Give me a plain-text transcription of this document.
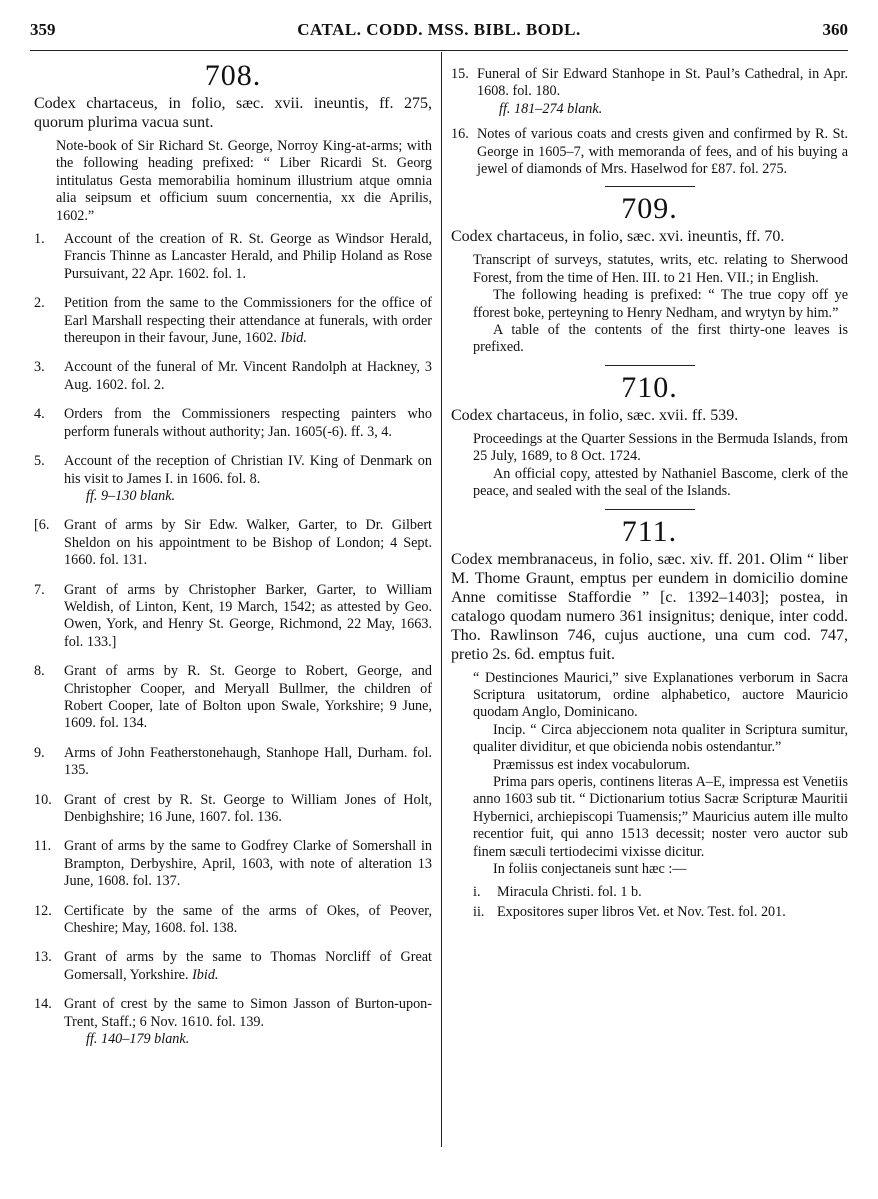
359	CATAL. CODD. MSS. BIBL. BODL.	360
708.
Codex chartaceus, in folio, sæc. xvii. ineuntis, ff. 275, quorum plurima vacua sunt.
Note-book of Sir Richard St. George, Norroy King-at-arms; with the following heading prefixed: “ Liber Ricardi St. Georg intitulatus Gesta memorabilia hominum illustrium atque omnia alia seipsum et officium suum concernentia, xx die Aprilis, 1602.”
1.	Account of the creation of R. St. George as Windsor Herald, Francis Thinne as Lancaster Herald, and Philip Holand as Rose Pursuivant, 22 Apr. 1602. fol. 1.
2.	Petition from the same to the Commissioners for the office of Earl Marshall respecting their attendance at funerals, with order thereupon in their favour, June, 1602. Ibid.
3.	Account of the funeral of Mr. Vincent Randolph at Hackney, 3 Aug. 1602. fol. 2.
4.	Orders from the Commissioners respecting painters who perform funerals without authority; Jan. 1605(-6). ff. 3, 4.
5.	Account of the reception of Christian IV. King of Denmark on his visit to James I. in 1606. fol. 8.
ff. 9–130 blank.
[6.	Grant of arms by Sir Edw. Walker, Garter, to Dr. Gilbert Sheldon on his appointment to be Bishop of London; 4 Sept. 1660. fol. 131.
7.	Grant of arms by Christopher Barker, Garter, to William Weldish, of Linton, Kent, 19 March, 1542; as attested by Geo. Owen, York, and Henry St. George, Richmond, 22 May, 1663. fol. 133.]
8.	Grant of arms by R. St. George to Robert, George, and Christopher Cooper, and Meryall Bullmer, the children of Robert Cooper, late of Bolton upon Swale, Yorkshire; 9 June, 1609. fol. 134.
9.	Arms of John Featherstonehaugh, Stanhope Hall, Durham. fol. 135.
10. Grant of crest by R. St. George to William Jones of Holt, Denbighshire; 16 June, 1607. fol. 136.
11. Grant of arms by the same to Godfrey Clarke of Somershall in Brampton, Derbyshire, April, 1603, with note of alteration 13 June, 1608. fol. 137.
12. Certificate by the same of the arms of Okes, of Peover, Cheshire; May, 1608. fol. 138.
13. Grant of arms by the same to Thomas Norcliff of Great Gomersall, Yorkshire. Ibid.
14. Grant of crest by the same to Simon Jasson of Burton-upon-Trent, Staff.; 6 Nov. 1610. fol. 139.
ff. 140–179 blank.
15. Funeral of Sir Edward Stanhope in St. Paul’s Cathedral, in Apr. 1608. fol. 180.
ff. 181–274 blank.
16. Notes of various coats and crests given and confirmed by R. St. George in 1605–7, with memoranda of fees, and of his buying a jewel of diamonds of Mrs. Haselwod for £87. fol. 275.
709.
Codex chartaceus, in folio, sæc. xvi. ineuntis, ff. 70.

Transcript of surveys, statutes, writs, etc. relating to Sherwood Forest, from the time of Hen. III. to 21 Hen. VII.; in English.

The following heading is prefixed: “ The true copy off ye fforest boke, perteyning to Henry Nedham, and wrytyn by him.”

A table of the contents of the first thirty-one leaves is prefixed.

710.
Codex chartaceus, in folio, sæc. xvii. ff. 539.

Proceedings at the Quarter Sessions in the Bermuda Islands, from 25 July, 1689, to 8 Oct. 1724.

An official copy, attested by Nathaniel Bascome, clerk of the peace, and sealed with the seal of the Islands.

711.
Codex membranaceus, in folio, sæc. xiv. ff. 201. Olim “ liber M. Thome Graunt, emptus per eundem in domicilio domine Anne comitisse Staffordie ” [c. 1392–1403]; postea, in catalogo quodam numero 361 insignitus; denique, inter codd. Tho. Rawlinson 746, cujus auctione, una cum cod. 747, pretio 2s. 6d. emptus fuit.

“ Destinciones Maurici,” sive Explanationes verborum in Sacra Scriptura usitatorum, ordine alphabetico, auctore Mauricio quodam Anglo, Dominicano.

Incip. “ Circa abjeccionem nota qualiter in Scriptura sumitur, qualiter dividitur, et que obicienda nobis ostendantur.”

Præmissus est index vocabulorum.

Prima pars operis, continens literas A–E, impressa est Venetiis anno 1603 sub tit. “ Dictionarium totius Sacræ Scripturæ Mauritii Hybernici, archiepiscopi Tuamensis;” Mauricius autem ille multo recentior fuit, qui anno 1513 decessit; noster vero auctor sub finem sæculi tertiodecimi vixisse dicitur.

In foliis conjectaneis sunt hæc :—

i. Miracula Christi. fol. 1 b.
ii. Expositores super libros Vet. et Nov. Test. fol. 201.
